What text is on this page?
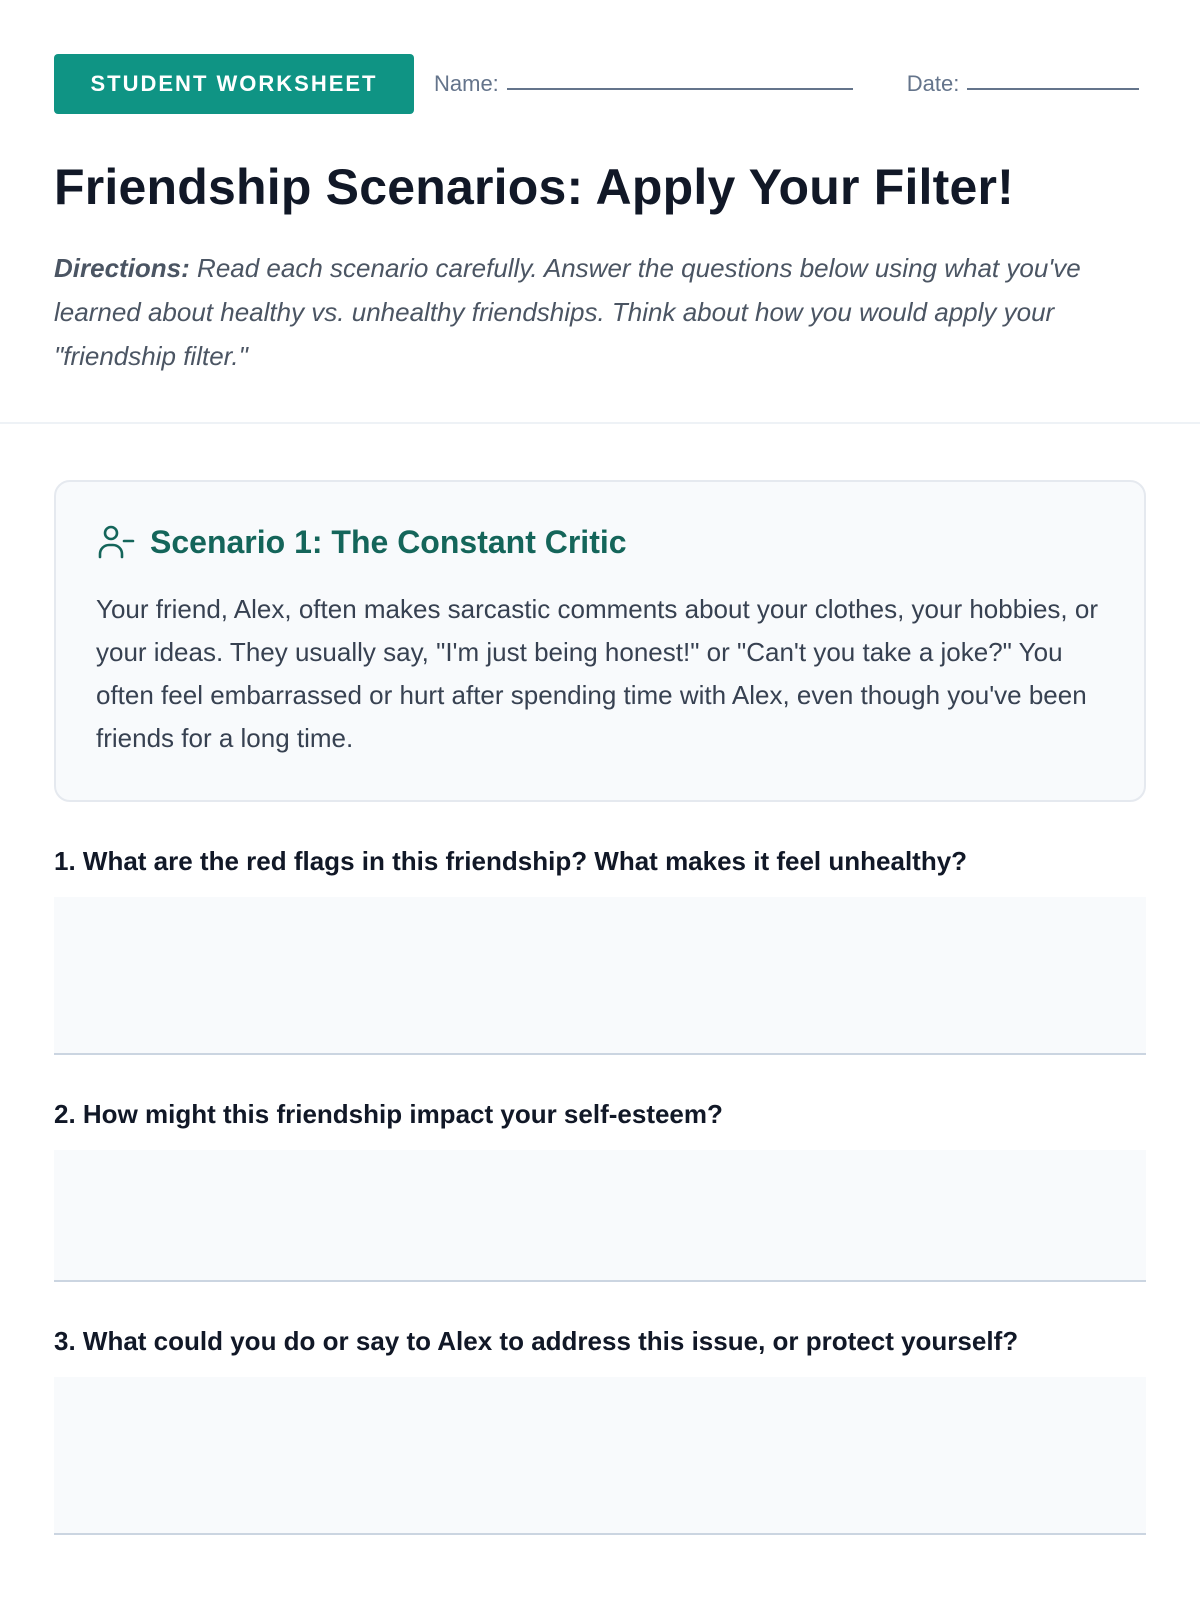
STUDENT WORKSHEET	Name:	Date:
Friendship Scenarios: Apply Your Filter!

Directions: Read each scenario carefully. Answer the questions below using what you've learned about healthy vs. unhealthy friendships. Think about how you would apply your "friendship filter."

Scenario 1: The Constant Critic

Your friend, Alex, often makes sarcastic comments about your clothes, your hobbies, or your ideas. They usually say, "I'm just being honest!" or "Can't you take a joke?" You often feel embarrassed or hurt after spending time with Alex, even though you've been friends for a long time.

1. What are the red flags in this friendship? What makes it feel unhealthy?
2. How might this friendship impact your self-esteem?
3. What could you do or say to Alex to address this issue, or protect yourself?
